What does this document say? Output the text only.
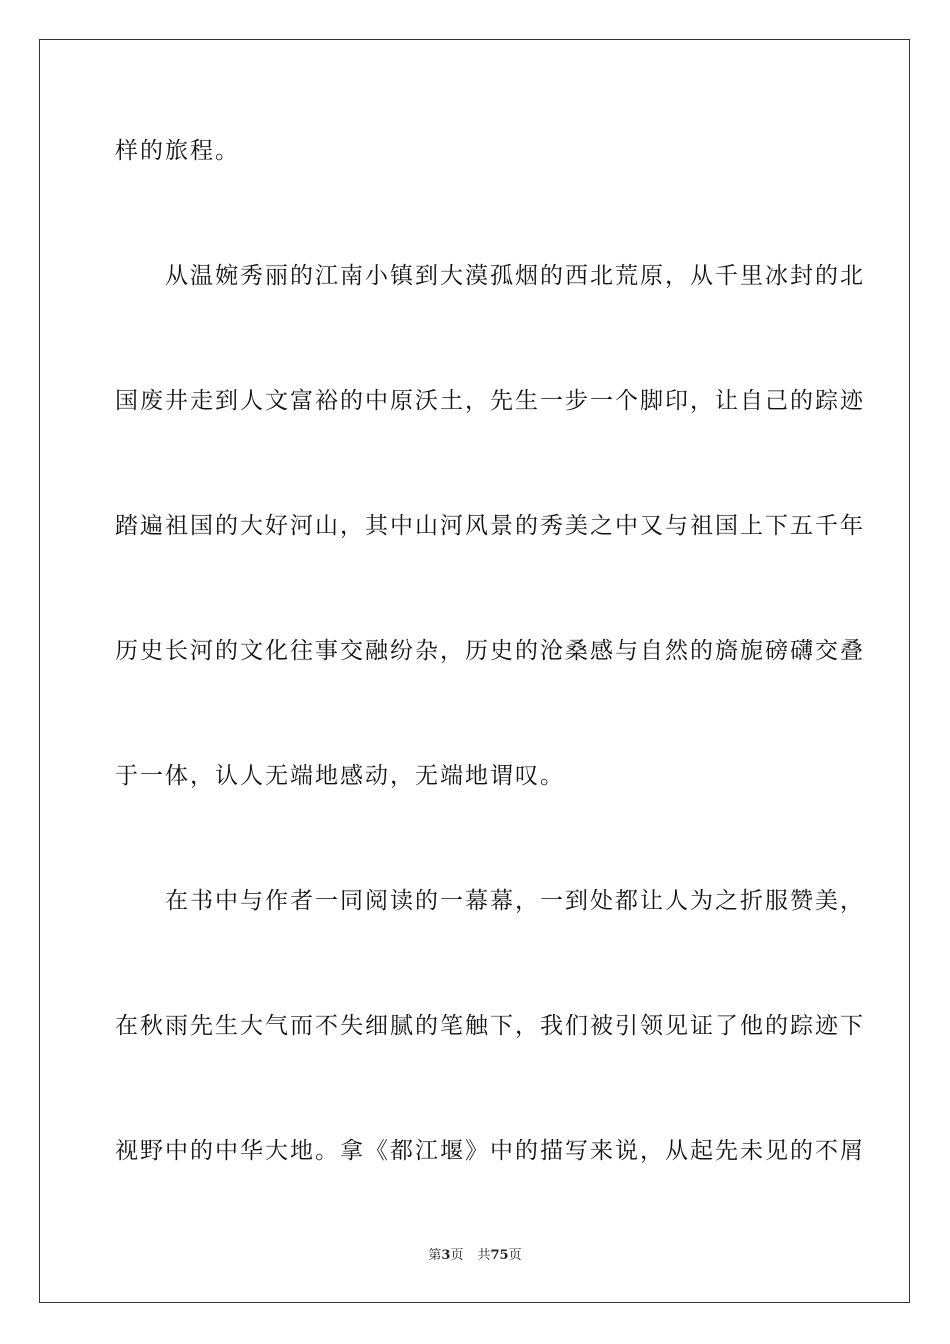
样的旅程。
　　从温婉秀丽的江南小镇到大漠孤烟的西北荒原，从千里冰封的北
国废井走到人文富裕的中原沃土，先生一步一个脚印，让自己的踪迹
踏遍祖国的大好河山，其中山河风景的秀美之中又与祖国上下五千年
历史长河的文化往事交融纷杂，历史的沧桑感与自然的旖旎磅礴交叠
于一体，认人无端地感动，无端地谓叹。
　　在书中与作者一同阅读的一幕幕，一到处都让人为之折服赞美，
在秋雨先生大气而不失细腻的笔触下，我们被引领见证了他的踪迹下
视野中的中华大地。拿《都江堰》中的描写来说，从起先未见的不屑
第3页 共75页
